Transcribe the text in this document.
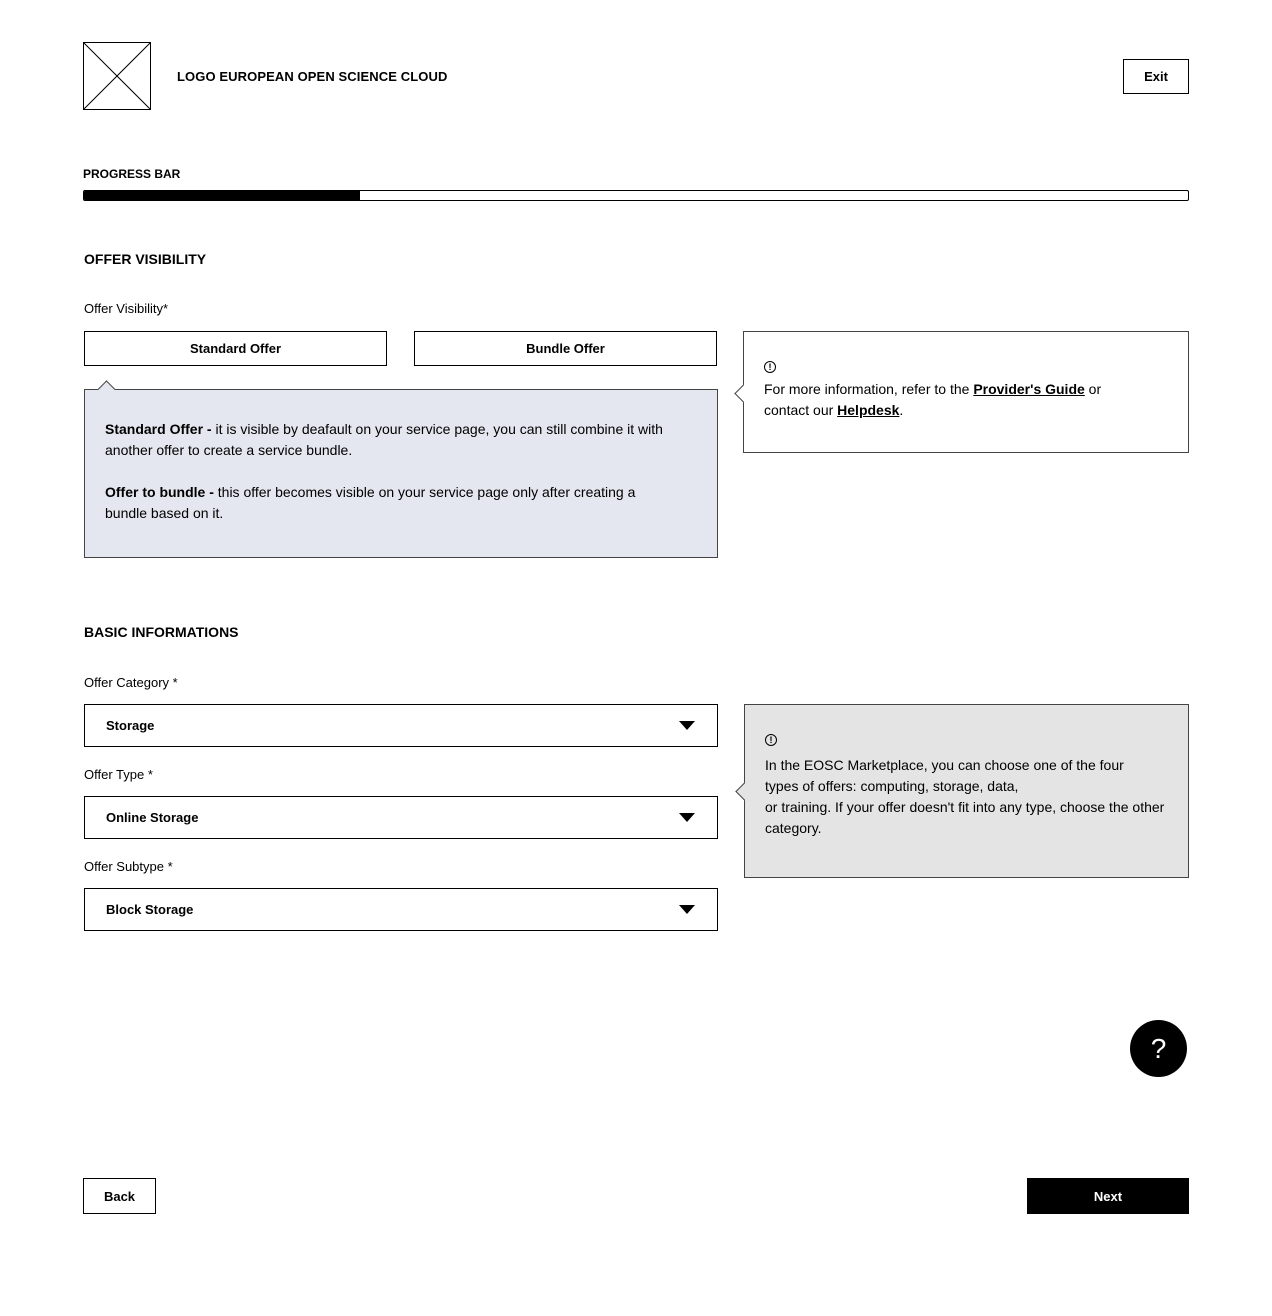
LOGO EUROPEAN OPEN SCIENCE CLOUD	Exit
PROGRESS BAR
OFFER VISIBILITY
Offer Visibility*
Standard Offer	Bundle Offer

Standard Offer - it is visible by deafault on your service page, you can still combine it with another offer to create a service bundle.

Offer to bundle - this offer becomes visible on your service page only after creating a bundle based on it.

!

For more information, refer to the Provider's Guide or contact our Helpdesk.

BASIC INFORMATIONS
Offer Category *
Storage
Offer Type *
Online Storage
Offer Subtype *
Block Storage
!

In the EOSC Marketplace, you can choose one of the four types of offers: computing, storage, data,

or training. If your offer doesn't fit into any type, choose the other category.

?
Back	Next
